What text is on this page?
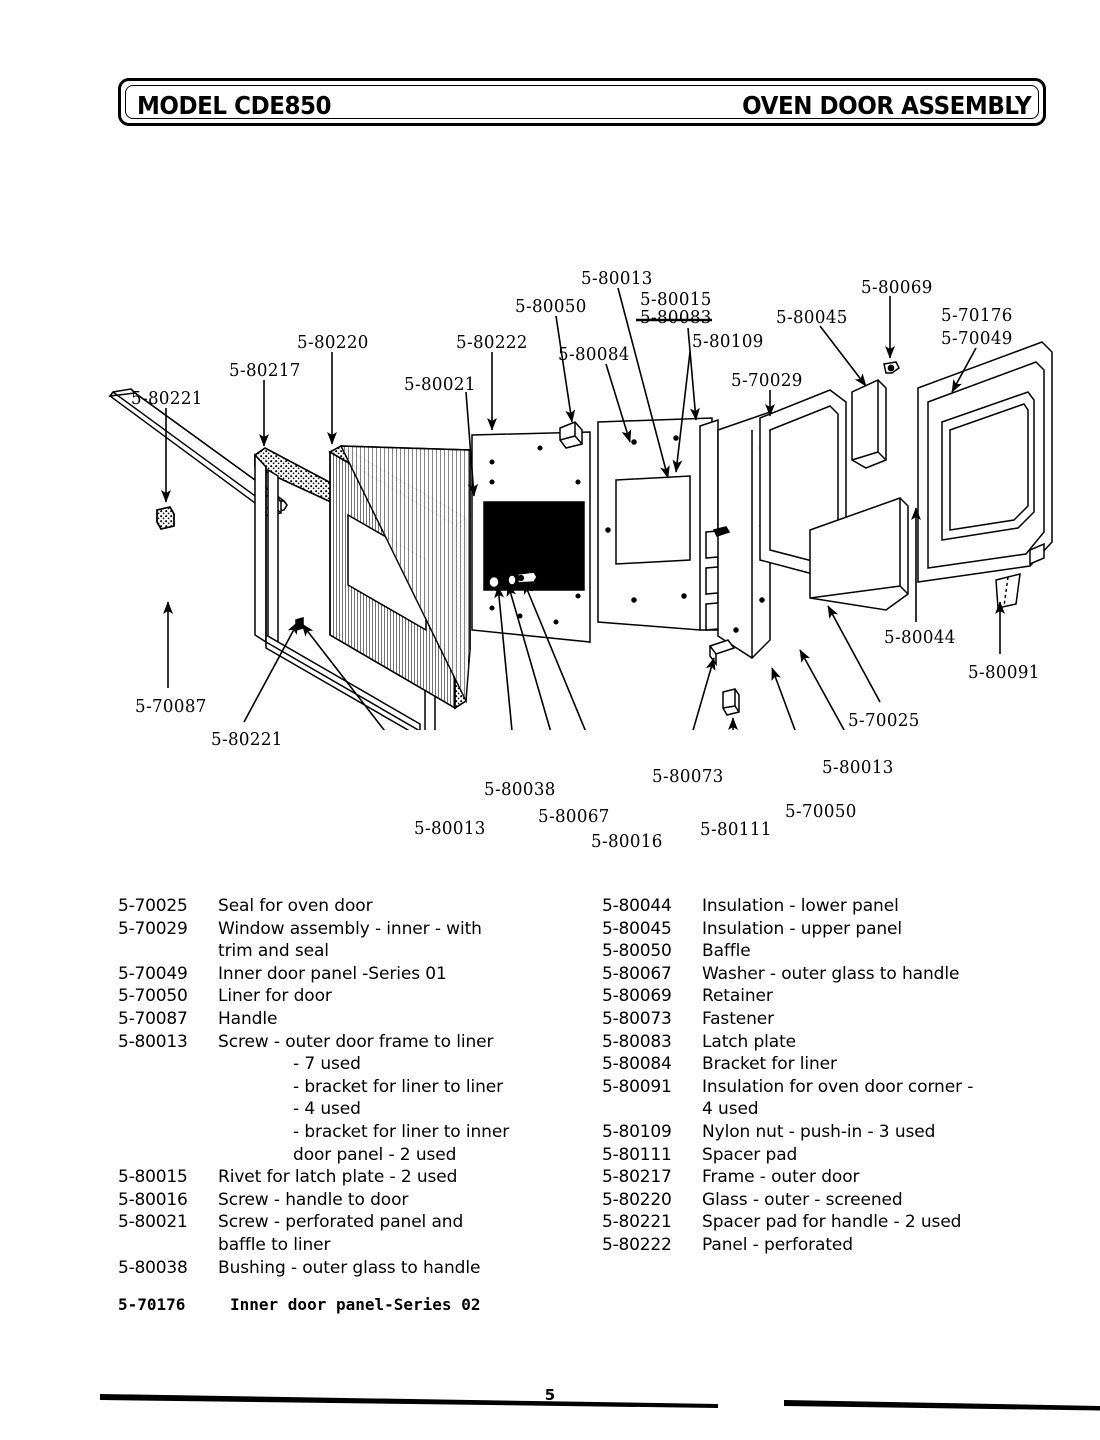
MODEL CDE850	OVEN DOOR ASSEMBLY
5-80221
5-80217
5-80220
5-80021
5-80222
5-80050
5-80084
5-80013
5-80015
5-80083
5-80109
5-70029
5-80045
5-80069
5-70176
5-70049
5-80044
5-80091
5-70025
5-80013
5-70050
5-80111
5-80073
5-80016
5-80067
5-80038
5-80013
5-80221
5-70087
5-70025	Seal for oven door
5-70029	Window assembly - inner - with
trim and seal
5-70049	Inner door panel -Series 01
5-70050	Liner for door
5-70087	Handle
5-80013	Screw - outer door frame to liner
- 7 used
- bracket for liner to liner
- 4 used
- bracket for liner to inner
door panel - 2 used
5-80015	Rivet for latch plate - 2 used
5-80016	Screw - handle to door
5-80021	Screw - perforated panel and
baffle to liner
5-80038	Bushing - outer glass to handle
5-80044	Insulation - lower panel
5-80045	Insulation - upper panel
5-80050	Baffle
5-80067	Washer - outer glass to handle
5-80069	Retainer
5-80073	Fastener
5-80083	Latch plate
5-80084	Bracket for liner
5-80091	Insulation for oven door corner -
4 used
5-80109	Nylon nut - push-in - 3 used
5-80111	Spacer pad
5-80217	Frame - outer door
5-80220	Glass - outer - screened
5-80221	Spacer pad for handle - 2 used
5-80222	Panel - perforated
5-70176	Inner door panel-Series 02
5
